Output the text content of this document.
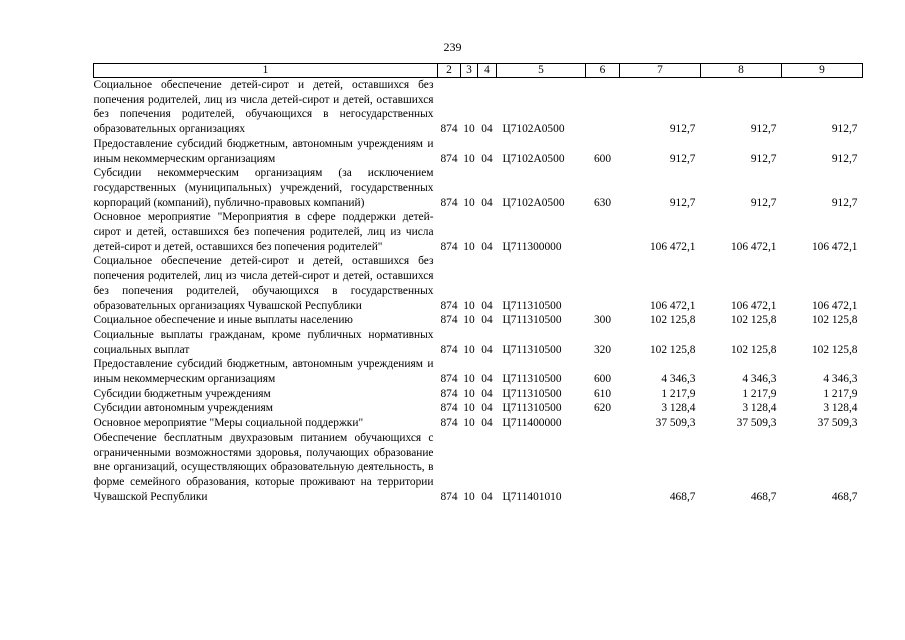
239
1	2	3	4	5	6	7	8	9
Социальное обеспечение детей-сирот и детей, оставшихся без попечения родителей, лиц из числа детей-сирот и детей, оставшихся без попечения родителей, обучающихся в негосударственных образовательных организациях	874	10	04	Ц7102А0500		912,7	912,7	912,7
Предоставление субсидий бюджетным, автономным учреждениям и иным некоммерческим организациям	874	10	04	Ц7102А0500	600	912,7	912,7	912,7
Субсидии некоммерческим организациям (за исключением государственных (муниципальных) учреждений, государственных корпораций (компаний), публично-правовых компаний)	874	10	04	Ц7102А0500	630	912,7	912,7	912,7
Основное мероприятие "Мероприятия в сфере поддержки детей-сирот и детей, оставшихся без попечения родителей, лиц из числа детей-сирот и детей, оставшихся без попечения родителей"	874	10	04	Ц711300000		106 472,1	106 472,1	106 472,1
Социальное обеспечение детей-сирот и детей, оставшихся без попечения родителей, лиц из числа детей-сирот и детей, оставшихся без попечения родителей, обучающихся в государственных образовательных организациях Чувашской Республики	874	10	04	Ц711310500		106 472,1	106 472,1	106 472,1
Социальное обеспечение и иные выплаты населению	874	10	04	Ц711310500	300	102 125,8	102 125,8	102 125,8
Социальные выплаты гражданам, кроме публичных нормативных социальных выплат	874	10	04	Ц711310500	320	102 125,8	102 125,8	102 125,8
Предоставление субсидий бюджетным, автономным учреждениям и иным некоммерческим организациям	874	10	04	Ц711310500	600	4 346,3	4 346,3	4 346,3
Субсидии бюджетным учреждениям	874	10	04	Ц711310500	610	1 217,9	1 217,9	1 217,9
Субсидии автономным учреждениям	874	10	04	Ц711310500	620	3 128,4	3 128,4	3 128,4
Основное мероприятие "Меры социальной поддержки"	874	10	04	Ц711400000		37 509,3	37 509,3	37 509,3
Обеспечение бесплатным двухразовым питанием обучающихся с ограниченными возможностями здоровья, получающих образование вне организаций, осуществляющих образовательную деятельность, в форме семейного образования, которые проживают на территории Чувашской Республики	874	10	04	Ц711401010		468,7	468,7	468,7
